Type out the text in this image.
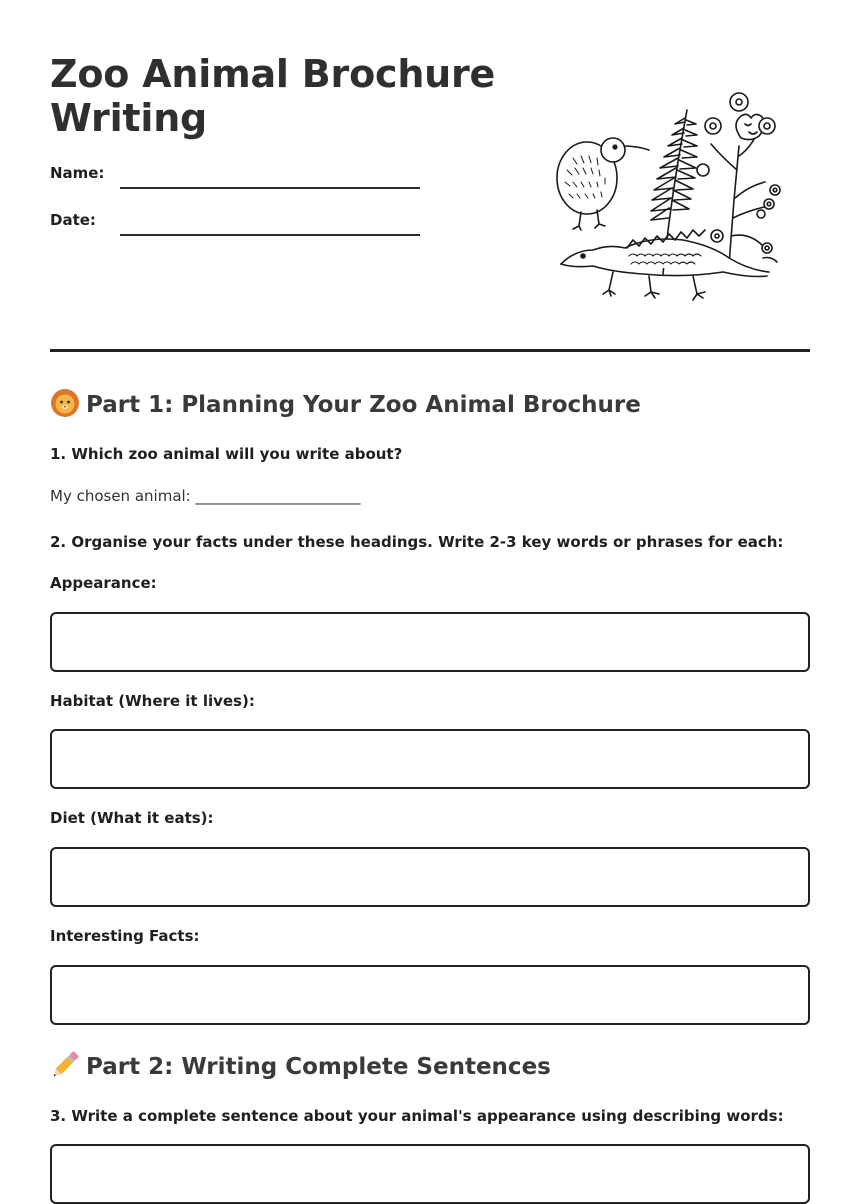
Zoo Animal Brochure Writing
Name:
Date:
Part 1: Planning Your Zoo Animal Brochure
1. Which zoo animal will you write about?
My chosen animal: ______________________
2. Organise your facts under these headings. Write 2-3 key words or phrases for each:
Appearance:
Habitat (Where it lives):
Diet (What it eats):
Interesting Facts:
Part 2: Writing Complete Sentences
3. Write a complete sentence about your animal's appearance using describing words:
